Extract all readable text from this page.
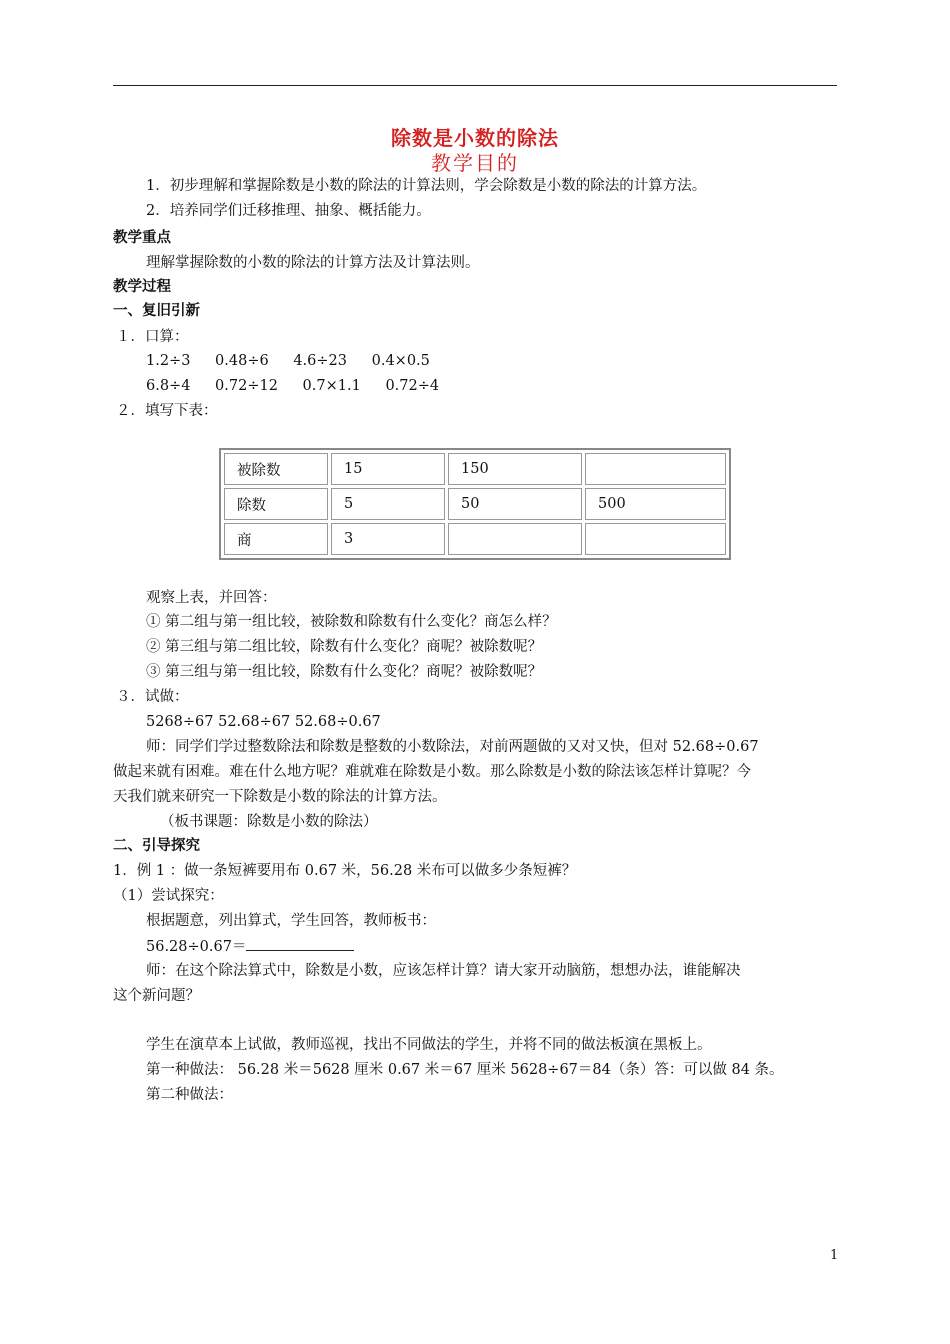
除数是小数的除法
教学目的
1．初步理解和掌握除数是小数的除法的计算法则，学会除数是小数的除法的计算方法。
2．培养同学们迁移推理、抽象、概括能力。
教学重点
理解掌握除数的小数的除法的计算方法及计算法则。
教学过程
一、复旧引新
１．口算：
1.2÷3 0.48÷6 4.6÷23 0.4×0.5
6.8÷4 0.72÷12 0.7×1.1 0.72÷4
２．填写下表：
被除数	15	150	
除数	5	50	500
商	3		
观察上表，并回答：
① 第二组与第一组比较，被除数和除数有什么变化？商怎么样？
② 第三组与第二组比较，除数有什么变化？商呢？被除数呢？
③ 第三组与第一组比较，除数有什么变化？商呢？被除数呢？
３．试做：
5268÷67 52.68÷67 52.68÷0.67
师：同学们学过整数除法和除数是整数的小数除法，对前两题做的又对又快，但对 52.68÷0.67
做起来就有困难。难在什么地方呢？难就难在除数是小数。那么除数是小数的除法该怎样计算呢？今
天我们就来研究一下除数是小数的除法的计算方法。
（板书课题：除数是小数的除法）
二、引导探究
1．例 1 ：做一条短裤要用布 0.67 米，56.28 米布可以做多少条短裤？
（1）尝试探究：
根据题意，列出算式，学生回答，教师板书：
56.28÷0.67＝
师：在这个除法算式中，除数是小数，应该怎样计算？请大家开动脑筋，想想办法，谁能解决
这个新问题？
学生在演草本上试做，教师巡视，找出不同做法的学生，并将不同的做法板演在黑板上。
第一种做法： 56.28 米＝5628 厘米 0.67 米＝67 厘米 5628÷67＝84（条）答：可以做 84 条。
第二种做法：
1
